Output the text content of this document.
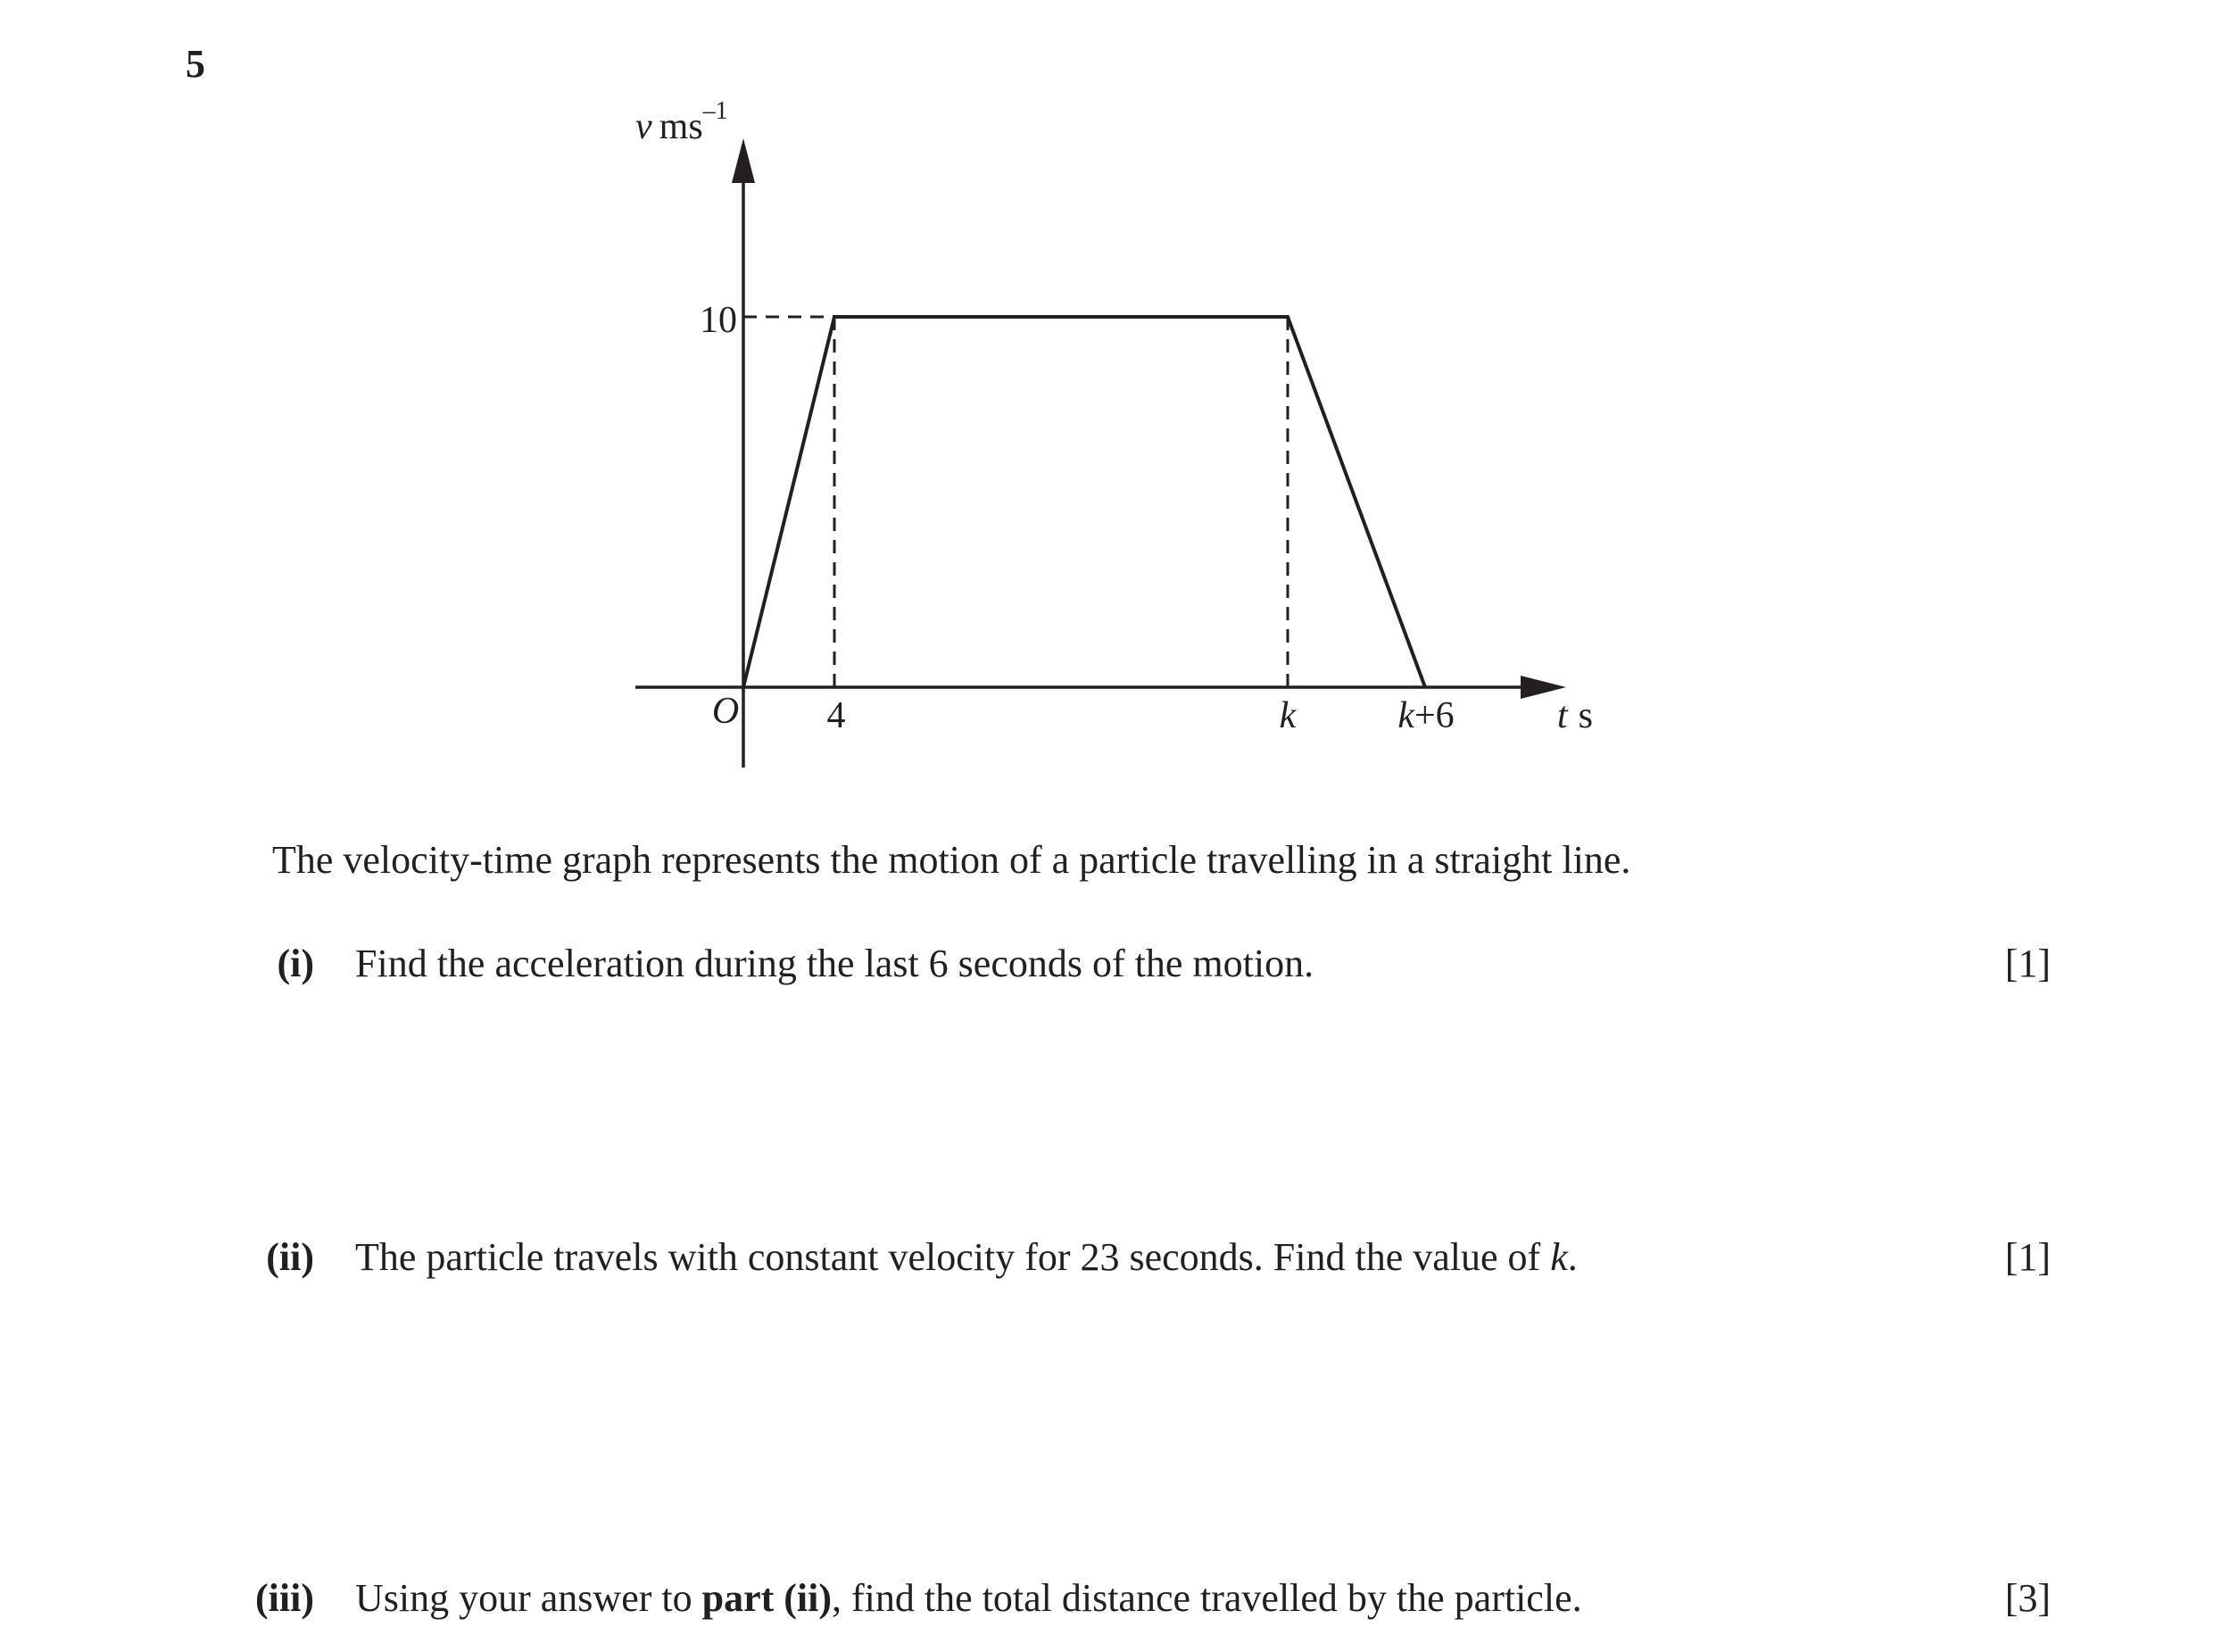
5
v $ms^{-1}$
10
O 4	k	k+6	t s
The velocity-time graph represents the motion of a particle travelling in a straight line.
(i) Find the acceleration during the last 6 seconds of the motion.	[1]
(ii) The particle travels with constant velocity for 23 seconds. Find the value of k.	[1]
(iii) Using your answer to part (ii), find the total distance travelled by the particle.	[3]
